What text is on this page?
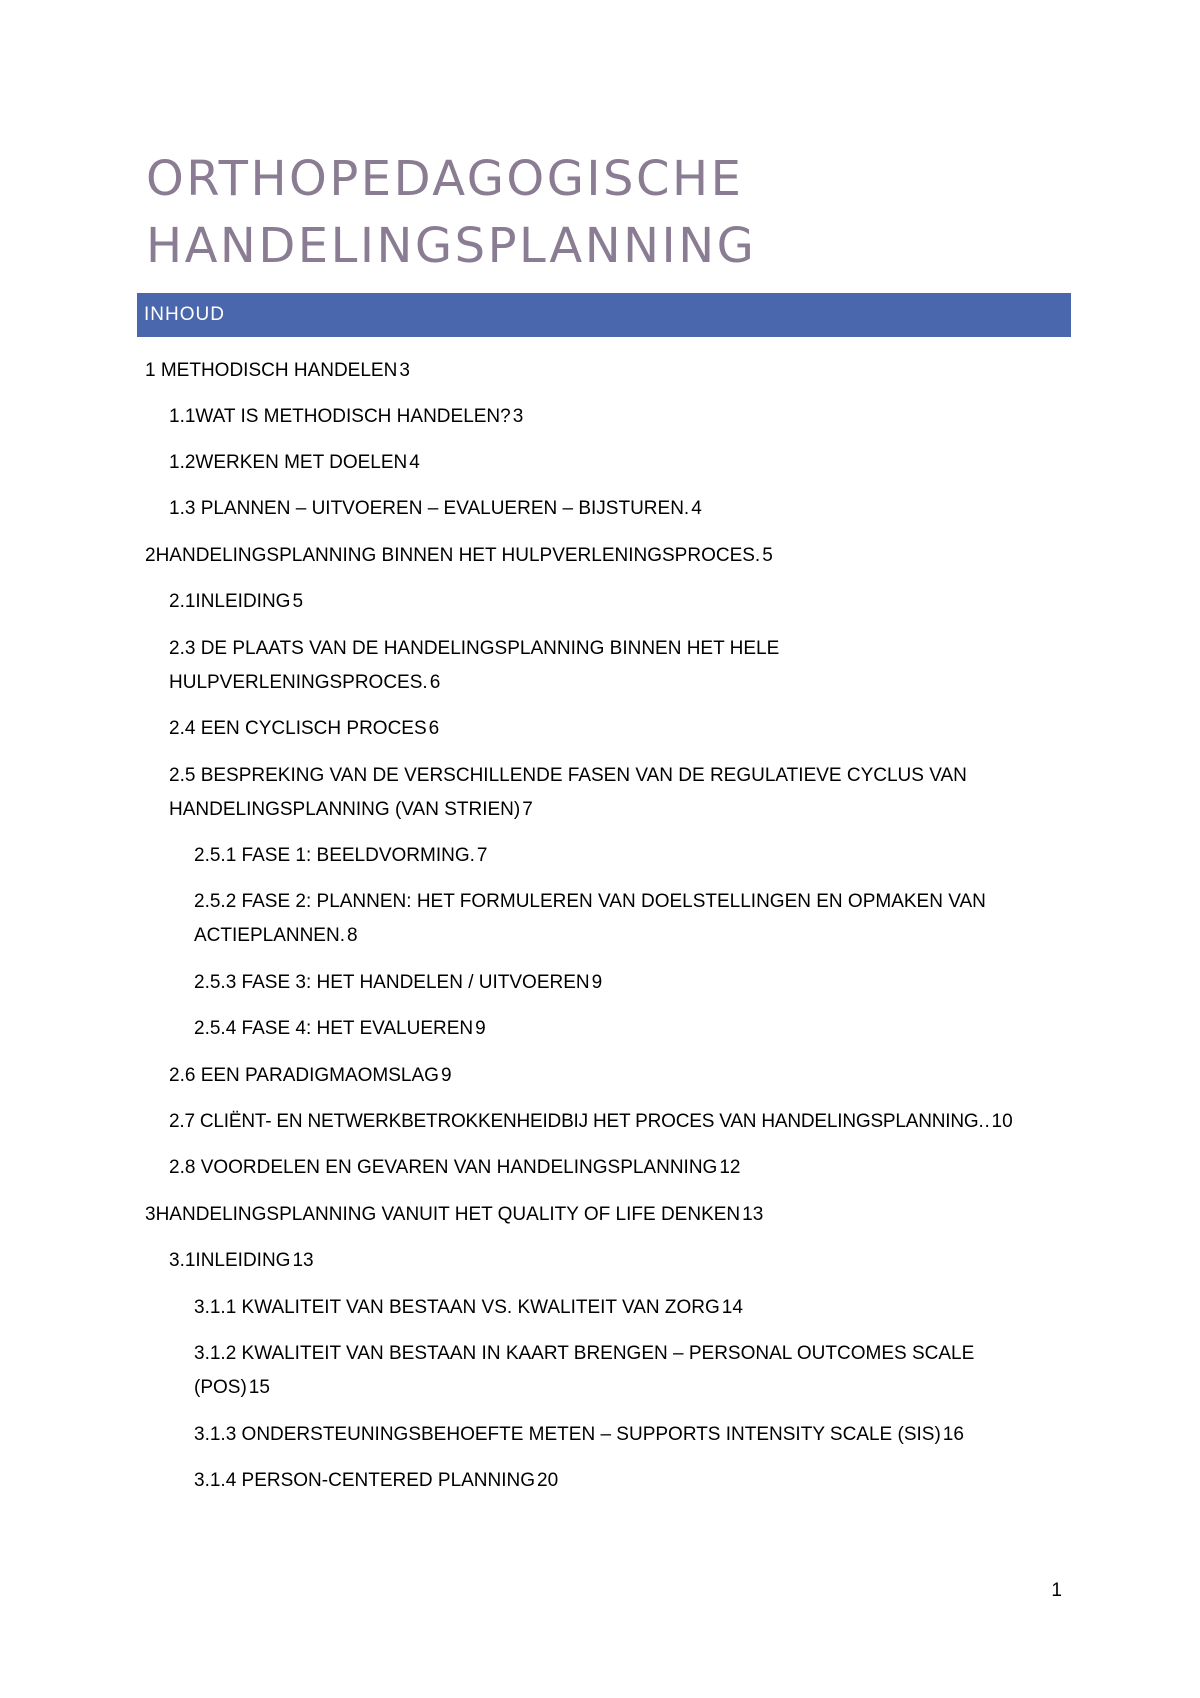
ORTHOPEDAGOGISCHE
HANDELINGSPLANNING
INHOUD
1 METHODISCH HANDELEN 3
1.1 WAT IS METHODISCH HANDELEN? 3
1.2 WERKEN MET DOELEN 4
1.3 PLANNEN – UITVOEREN – EVALUEREN – BIJSTUREN. 4
2 HANDELINGSPLANNING BINNEN HET HULPVERLENINGSPROCES. 5
2.1 INLEIDING 5
2.3 DE PLAATS VAN DE HANDELINGSPLANNING BINNEN HET HELE
HULPVERLENINGSPROCES. 6
2.4 EEN CYCLISCH PROCES 6
2.5 BESPREKING VAN DE VERSCHILLENDE FASEN VAN DE REGULATIEVE CYCLUS VAN
HANDELINGSPLANNING (VAN STRIEN) 7
2.5.1 FASE 1: BEELDVORMING. 7
2.5.2 FASE 2: PLANNEN: HET FORMULEREN VAN DOELSTELLINGEN EN OPMAKEN VAN
ACTIEPLANNEN. 8
2.5.3 FASE 3: HET HANDELEN / UITVOEREN 9
2.5.4 FASE 4: HET EVALUEREN 9
2.6 EEN PARADIGMAOMSLAG 9
2.7 CLIËNT- EN NETWERKBETROKKENHEIDBIJ HET PROCES VAN HANDELINGSPLANNING.
..... 10
2.8 VOORDELEN EN GEVAREN VAN HANDELINGSPLANNING 12
3 HANDELINGSPLANNING VANUIT HET QUALITY OF LIFE DENKEN 13
3.1 INLEIDING 13
3.1.1 KWALITEIT VAN BESTAAN VS. KWALITEIT VAN ZORG 14
3.1.2 KWALITEIT VAN BESTAAN IN KAART BRENGEN – PERSONAL OUTCOMES SCALE
(POS) 15
3.1.3 ONDERSTEUNINGSBEHOEFTE METEN – SUPPORTS INTENSITY SCALE (SIS) 16
3.1.4 PERSON-CENTERED PLANNING 20
1
